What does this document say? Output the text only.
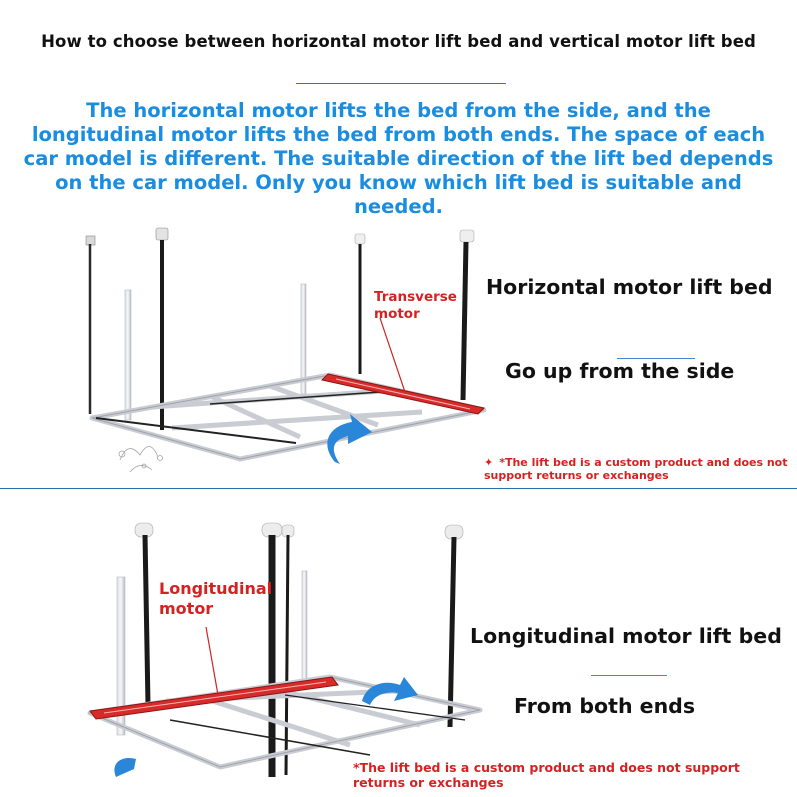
How to choose between horizontal motor lift bed and vertical motor lift bed
The horizontal motor lifts the bed from the side, and the longitudinal motor lifts the bed from both ends. The space of each car model is different. The suitable direction of the lift bed depends on the car model. Only you know which lift bed is suitable and needed.
Transverse
motor
Horizontal motor lift bed
Go up from the side
✦ *The lift bed is a custom product and does not support returns or exchanges
Longitudinal
motor
Longitudinal motor lift bed
From both ends
*The lift bed is a custom product and does not support returns or exchanges
